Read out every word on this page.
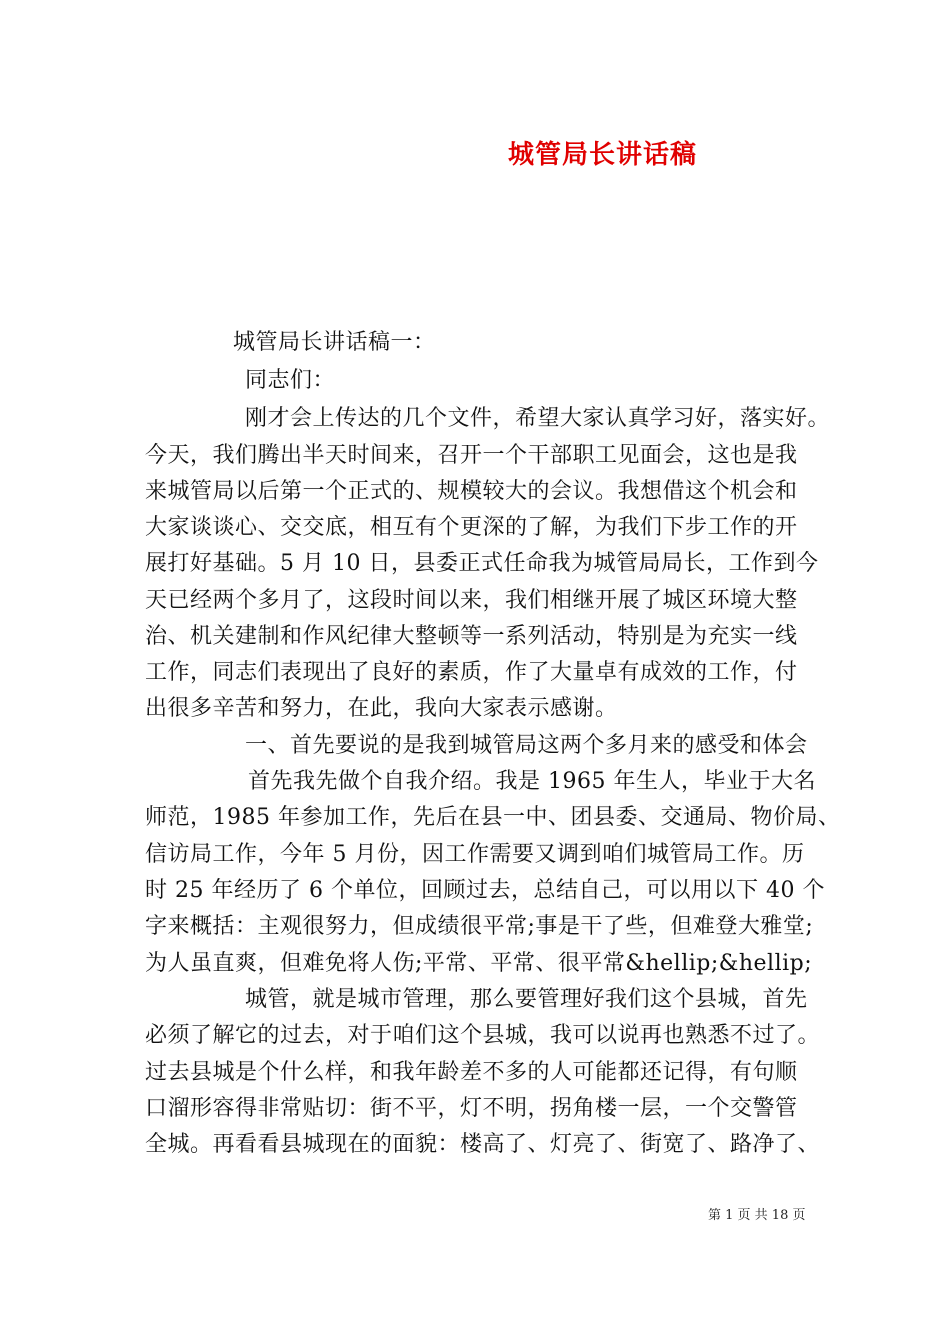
城管局长讲话稿
城管局长讲话稿一：
同志们：
刚才会上传达的几个文件，希望大家认真学习好，落实好。
今天，我们腾出半天时间来，召开一个干部职工见面会，这也是我
来城管局以后第一个正式的、规模较大的会议。我想借这个机会和
大家谈谈心、交交底，相互有个更深的了解，为我们下步工作的开
展打好基础。5 月 10 日，县委正式任命我为城管局局长，工作到今
天已经两个多月了，这段时间以来，我们相继开展了城区环境大整
治、机关建制和作风纪律大整顿等一系列活动，特别是为充实一线
工作，同志们表现出了良好的素质，作了大量卓有成效的工作，付
出很多辛苦和努力，在此，我向大家表示感谢。
一、首先要说的是我到城管局这两个多月来的感受和体会
首先我先做个自我介绍。我是 1965 年生人，毕业于大名
师范，1985 年参加工作，先后在县一中、团县委、交通局、物价局、
信访局工作，今年 5 月份，因工作需要又调到咱们城管局工作。历
时 25 年经历了 6 个单位，回顾过去，总结自己，可以用以下 40 个
字来概括：主观很努力，但成绩很平常;事是干了些，但难登大雅堂;
为人虽直爽，但难免将人伤;平常、平常、很平常&hellip;&hellip;
城管，就是城市管理，那么要管理好我们这个县城，首先
必须了解它的过去，对于咱们这个县城，我可以说再也熟悉不过了。
过去县城是个什么样，和我年龄差不多的人可能都还记得，有句顺
口溜形容得非常贴切：街不平，灯不明，拐角楼一层，一个交警管
全城。再看看县城现在的面貌：楼高了、灯亮了、街宽了、路净了、
第 1 页 共 18 页
